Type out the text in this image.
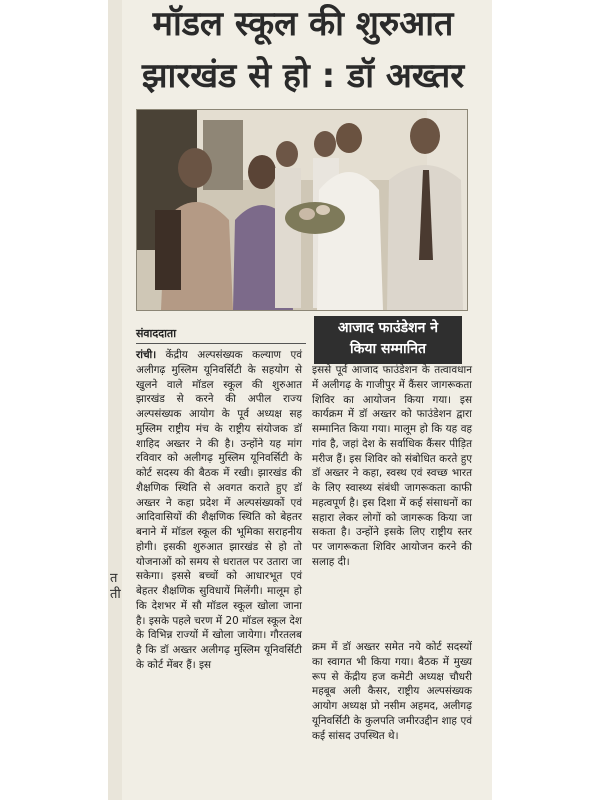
त
ती
मॉडल स्कूल की शुरुआत
झारखंड से हो : डॉ अख्तर
संवाददाता

रांची। केंद्रीय अल्पसंख्यक कल्याण एवं अलीगढ़ मुस्लिम यूनिवर्सिटी के सहयोग से खुलने वाले मॉडल स्कूल की शुरुआत झारखंड से करने की अपील राज्य अल्पसंख्यक आयोग के पूर्व अध्यक्ष सह मुस्लिम राष्ट्रीय मंच के राष्ट्रीय संयोजक डॉ शाहिद अख्तर ने की है। उन्होंने यह मांग रविवार को अलीगढ़ मुस्लिम यूनिवर्सिटी के कोर्ट सदस्य की बैठक में रखी। झारखंड की शैक्षणिक स्थिति से अवगत कराते हुए डॉ अख्तर ने कहा प्रदेश में अल्पसंख्यकों एवं आदिवासियों की शैक्षणिक स्थिति को बेहतर बनाने में मॉडल स्कूल की भूमिका सराहनीय होगी। इसकी शुरुआत झारखंड से हो तो योजनाओं को समय से धरातल पर उतारा जा सकेगा। इससे बच्चों को आधारभूत एवं बेहतर शैक्षणिक सुविधायें मिलेंगी। मालूम हो कि देशभर में सौ मॉडल स्कूल खोला जाना है। इसके पहले चरण में 20 मॉडल स्कूल देश के विभिन्न राज्यों में खोला जायेगा। गौरतलब है कि डॉ अख्तर अलीगढ़ मुस्लिम यूनिवर्सिटी के कोर्ट मेंबर हैं। इस

आजाद फाउंडेशन ने
किया सम्मानित

इससे पूर्व आजाद फाउंडेशन के तत्वावधान में अलीगढ़ के गाजीपुर में कैंसर जागरूकता शिविर का आयोजन किया गया। इस कार्यक्रम में डॉ अख्तर को फाउंडेशन द्वारा सम्मानित किया गया। मालूम हो कि यह वह गांव है, जहां देश के सर्वाधिक कैंसर पीड़ित मरीज हैं। इस शिविर को संबोधित करते हुए डॉ अख्तर ने कहा, स्वस्थ एवं स्वच्छ भारत के लिए स्वास्थ्य संबंधी जागरूकता काफी महत्वपूर्ण है। इस दिशा में कई संसाधनों का सहारा लेकर लोगों को जागरूक किया जा सकता है। उन्होंने इसके लिए राष्ट्रीय स्तर पर जागरूकता शिविर आयोजन करने की सलाह दी।

क्रम में डॉ अख्तर समेत नये कोर्ट सदस्यों का स्वागत भी किया गया। बैठक में मुख्य रूप से केंद्रीय हज कमेटी अध्यक्ष चौधरी महबूब अली कैसर, राष्ट्रीय अल्पसंख्यक आयोग अध्यक्ष प्रो नसीम अहमद, अलीगढ़ यूनिवर्सिटी के कुलपति जमीरउद्दीन शाह एवं कई सांसद उपस्थित थे।
